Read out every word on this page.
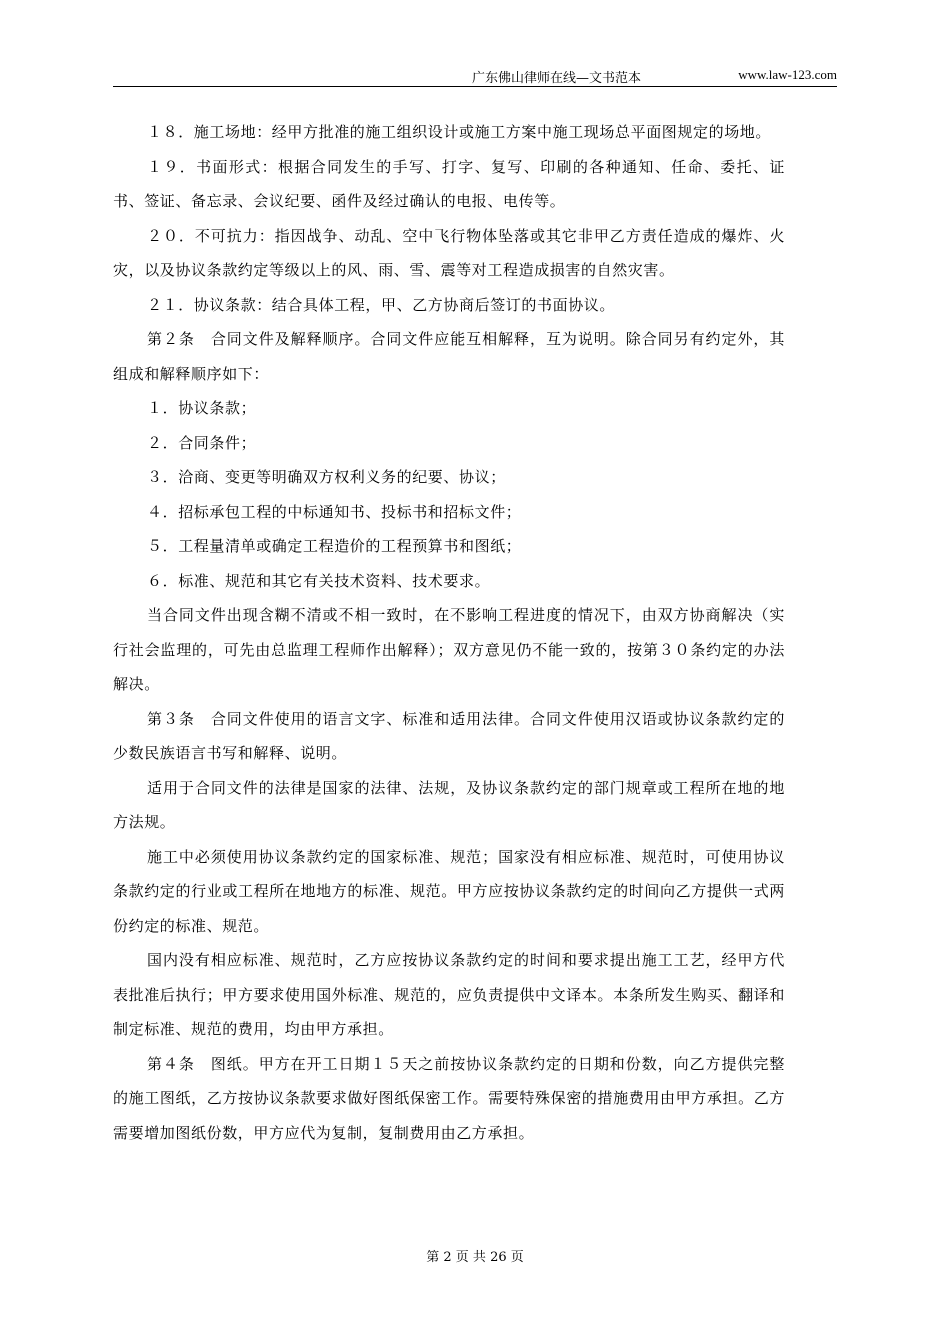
广东佛山律师在线—文书范本	www.law-123.com

１８．施工场地：经甲方批准的施工组织设计或施工方案中施工现场总平面图规定的场地。

１９．书面形式：根据合同发生的手写、打字、复写、印刷的各种通知、任命、委托、证书、签证、备忘录、会议纪要、函件及经过确认的电报、电传等。

２０．不可抗力：指因战争、动乱、空中飞行物体坠落或其它非甲乙方责任造成的爆炸、火灾，以及协议条款约定等级以上的风、雨、雪、震等对工程造成损害的自然灾害。

２１．协议条款：结合具体工程，甲、乙方协商后签订的书面协议。

第２条　合同文件及解释顺序。合同文件应能互相解释，互为说明。除合同另有约定外，其组成和解释顺序如下：

１．协议条款；

２．合同条件；

３．洽商、变更等明确双方权利义务的纪要、协议；

４．招标承包工程的中标通知书、投标书和招标文件；

５．工程量清单或确定工程造价的工程预算书和图纸；

６．标准、规范和其它有关技术资料、技术要求。

当合同文件出现含糊不清或不相一致时，在不影响工程进度的情况下，由双方协商解决（实行社会监理的，可先由总监理工程师作出解释）；双方意见仍不能一致的，按第３０条约定的办法解决。

第３条　合同文件使用的语言文字、标准和适用法律。合同文件使用汉语或协议条款约定的少数民族语言书写和解释、说明。

适用于合同文件的法律是国家的法律、法规，及协议条款约定的部门规章或工程所在地的地方法规。

施工中必须使用协议条款约定的国家标准、规范；国家没有相应标准、规范时，可使用协议条款约定的行业或工程所在地地方的标准、规范。甲方应按协议条款约定的时间向乙方提供一式两份约定的标准、规范。

国内没有相应标准、规范时，乙方应按协议条款约定的时间和要求提出施工工艺，经甲方代表批准后执行；甲方要求使用国外标准、规范的，应负责提供中文译本。本条所发生购买、翻译和制定标准、规范的费用，均由甲方承担。

第４条　图纸。甲方在开工日期１５天之前按协议条款约定的日期和份数，向乙方提供完整的施工图纸，乙方按协议条款要求做好图纸保密工作。需要特殊保密的措施费用由甲方承担。乙方需要增加图纸份数，甲方应代为复制，复制费用由乙方承担。

第 2 页 共 26 页
